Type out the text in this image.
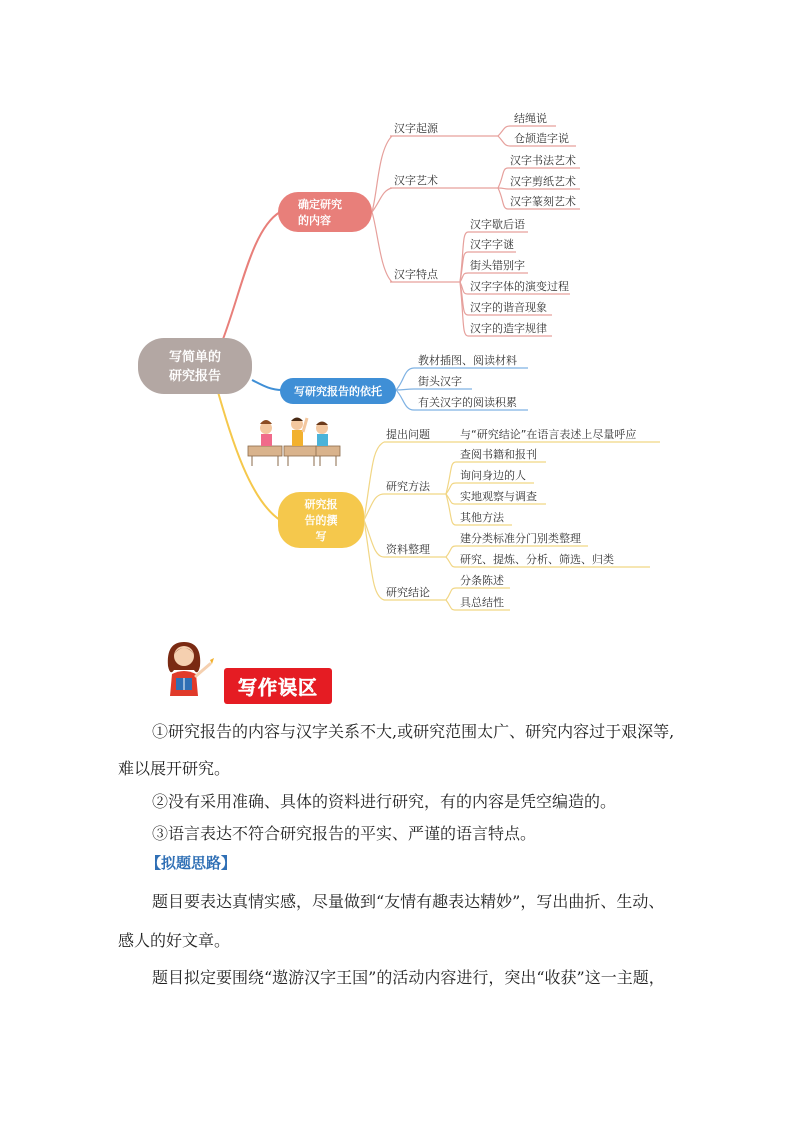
写简单的
研究报告
确定研究
的内容
写研究报告的依托
研究报
告的撰
写
汉字起源
结绳说
仓颉造字说
汉字艺术
汉字书法艺术
汉字剪纸艺术
汉字篆刻艺术
汉字特点
汉字歇后语
汉字字谜
街头错别字
汉字字体的演变过程
汉字的谐音现象
汉字的造字规律
教材插图、阅读材料
街头汉字
有关汉字的阅读积累
提出问题	与“研究结论”在语言表述上尽量呼应
研究方法
查阅书籍和报刊
询问身边的人
实地观察与调查
其他方法
资料整理
建分类标准分门别类整理
研究、提炼、分析、筛选、归类
研究结论
分条陈述
具总结性
写作误区
①研究报告的内容与汉字关系不大,或研究范围太广、研究内容过于艰深等,
难以展开研究。
②没有采用准确、具体的资料进行研究，有的内容是凭空编造的。
③语言表达不符合研究报告的平实、严谨的语言特点。
【拟题思路】
题目要表达真情实感，尽量做到“友情有趣表达精妙”，写出曲折、生动、
感人的好文章。
题目拟定要围绕“遨游汉字王国”的活动内容进行，突出“收获”这一主题，
